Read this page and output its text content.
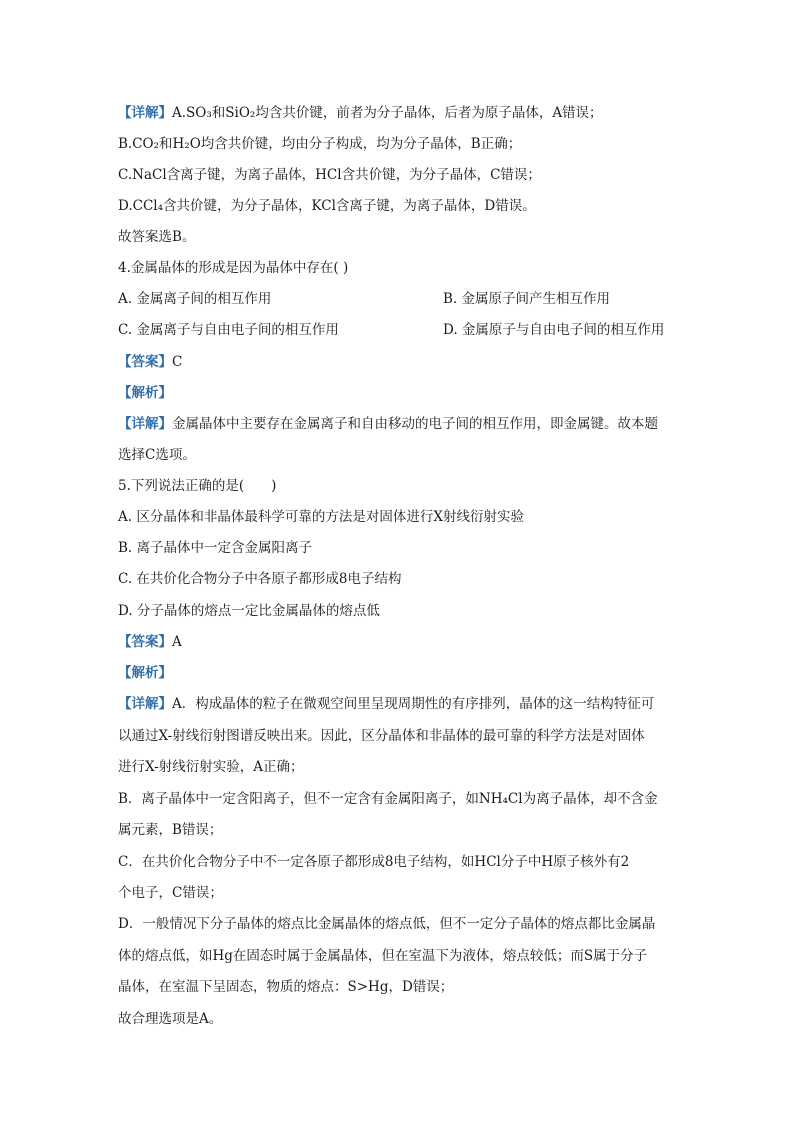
【详解】A.SO₃和SiO₂均含共价键，前者为分子晶体，后者为原子晶体，A错误；
B.CO₂和H₂O均含共价键，均由分子构成，均为分子晶体，B正确；
C.NaCl含离子键，为离子晶体，HCl含共价键，为分子晶体，C错误；
D.CCl₄含共价键，为分子晶体，KCl含离子键，为离子晶体，D错误。
故答案选B。
4.金属晶体的形成是因为晶体中存在( )
A. 金属离子间的相互作用	B. 金属原子间产生相互作用
C. 金属离子与自由电子间的相互作用	D. 金属原子与自由电子间的相互作用
【答案】C
【解析】
【详解】金属晶体中主要存在金属离子和自由移动的电子间的相互作用，即金属键。故本题
选择C选项。
5.下列说法正确的是(　　)
A. 区分晶体和非晶体最科学可靠的方法是对固体进行X射线衍射实验
B. 离子晶体中一定含金属阳离子
C. 在共价化合物分子中各原子都形成8电子结构
D. 分子晶体的熔点一定比金属晶体的熔点低
【答案】A
【解析】
【详解】A．构成晶体的粒子在微观空间里呈现周期性的有序排列，晶体的这一结构特征可
以通过X-射线衍射图谱反映出来。因此，区分晶体和非晶体的最可靠的科学方法是对固体
进行X-射线衍射实验，A正确；
B．离子晶体中一定含阳离子，但不一定含有金属阳离子，如NH₄Cl为离子晶体，却不含金
属元素，B错误；
C．在共价化合物分子中不一定各原子都形成8电子结构，如HCl分子中H原子核外有2
个电子，C错误；
D．一般情况下分子晶体的熔点比金属晶体的熔点低，但不一定分子晶体的熔点都比金属晶
体的熔点低，如Hg在固态时属于金属晶体，但在室温下为液体，熔点较低；而S属于分子
晶体，在室温下呈固态，物质的熔点：S>Hg，D错误；
故合理选项是A。
